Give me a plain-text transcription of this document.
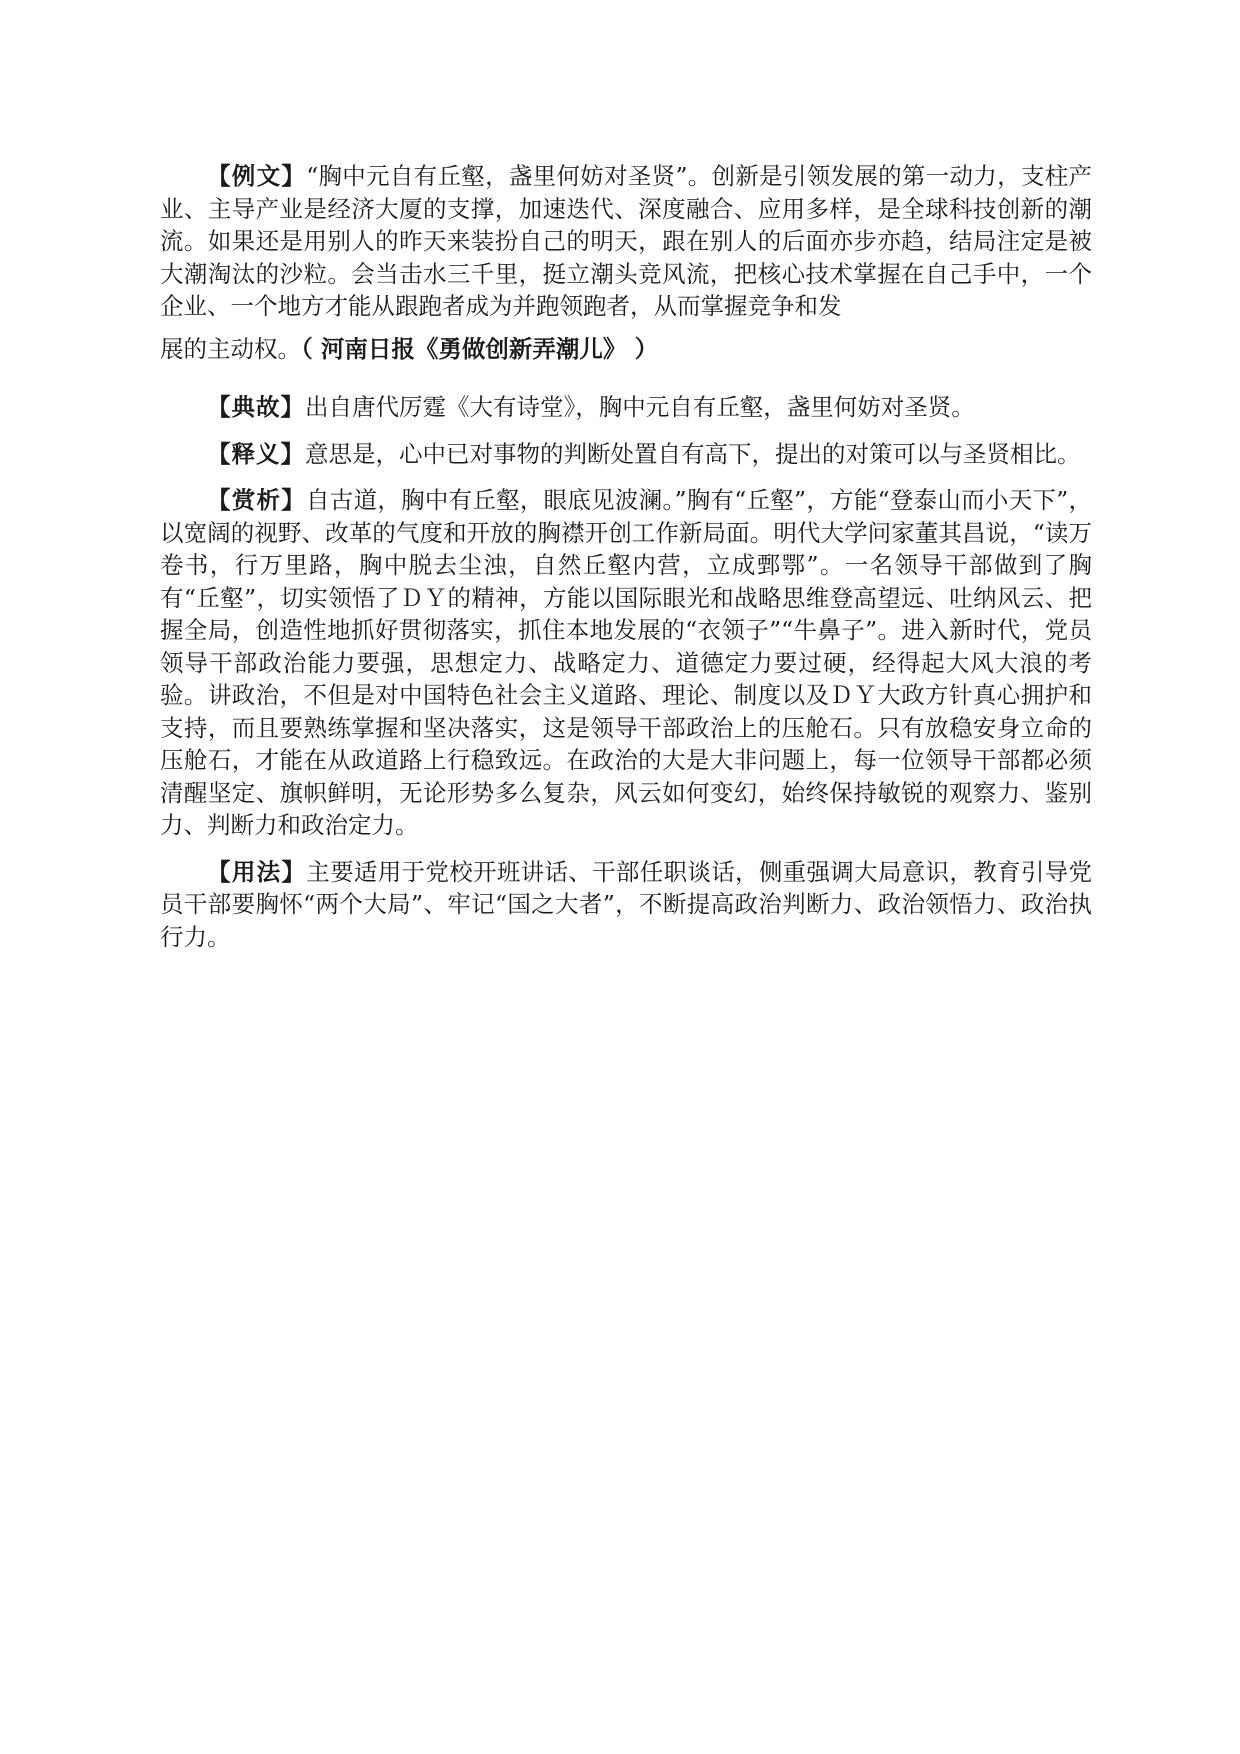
【例文】“胸中元自有丘壑，盏里何妨对圣贤”。创新是引领发展的第一动力，支柱产业、主导产业是经济大厦的支撑，加速迭代、深度融合、应用多样，是全球科技创新的潮流。如果还是用别人的昨天来装扮自己的明天，跟在别人的后面亦步亦趋，结局注定是被大潮淘汰的沙粒。会当击水三千里，挺立潮头竞风流，把核心技术掌握在自己手中，一个企业、一个地方才能从跟跑者成为并跑领跑者，从而掌握竞争和发
展的主动权。（ 河南日报《勇做创新弄潮儿》 ）

【典故】出自唐代厉霆《大有诗堂》，胸中元自有丘壑，盏里何妨对圣贤。

【释义】意思是，心中已对事物的判断处置自有高下，提出的对策可以与圣贤相比。

【赏析】自古道，胸中有丘壑，眼底见波澜。”胸有“丘壑”，方能“登泰山而小天下”，以宽阔的视野、改革的气度和开放的胸襟开创工作新局面。明代大学问家董其昌说，“读万卷书，行万里路，胸中脱去尘浊，自然丘壑内营，立成鄄鄂”。一名领导干部做到了胸有“丘壑”，切实领悟了ＤＹ的精神，方能以国际眼光和战略思维登高望远、吐纳风云、把握全局，创造性地抓好贯彻落实，抓住本地发展的“衣领子”“牛鼻子”。进入新时代，党员领导干部政治能力要强，思想定力、战略定力、道德定力要过硬，经得起大风大浪的考验。讲政治，不但是对中国特色社会主义道路、理论、制度以及ＤＹ大政方针真心拥护和支持，而且要熟练掌握和坚决落实，这是领导干部政治上的压舱石。只有放稳安身立命的压舱石，才能在从政道路上行稳致远。在政治的大是大非问题上，每一位领导干部都必须清醒坚定、旗帜鲜明，无论形势多么复杂，风云如何变幻，始终保持敏锐的观察力、鉴别力、判断力和政治定力。

【用法】主要适用于党校开班讲话、干部任职谈话，侧重强调大局意识，教育引导党员干部要胸怀“两个大局”、牢记“国之大者”，不断提高政治判断力、政治领悟力、政治执行力。
